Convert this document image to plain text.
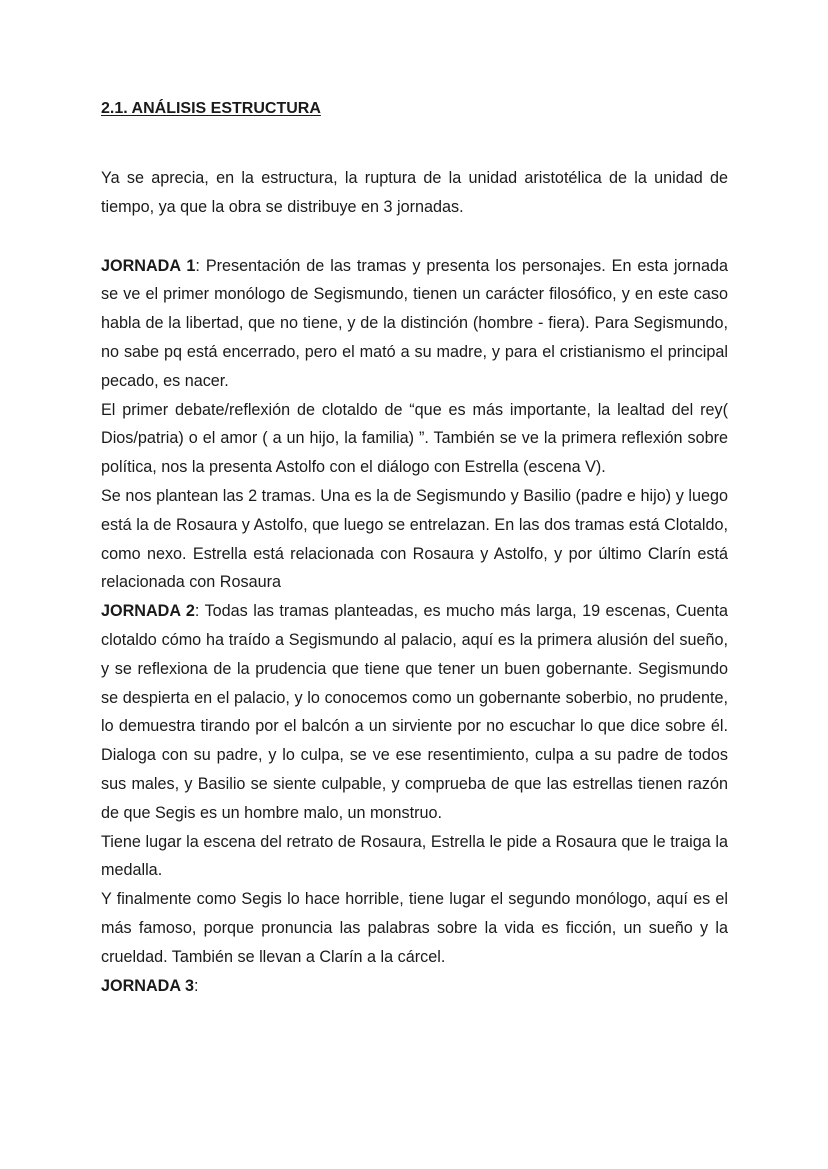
2.1. ANÁLISIS ESTRUCTURA

Ya se aprecia, en la estructura, la ruptura de la unidad aristotélica de la unidad de tiempo, ya que la obra se distribuye en 3 jornadas.

JORNADA 1: Presentación de las tramas y presenta los personajes. En esta jornada se ve el primer monólogo de Segismundo, tienen un carácter filosófico, y en este caso habla de la libertad, que no tiene, y de la distinción (hombre - fiera). Para Segismundo, no sabe pq está encerrado, pero el mató a su madre, y para el cristianismo el principal pecado, es nacer.

El primer debate/reflexión de clotaldo de “que es más importante, la lealtad del rey( Dios/patria) o el amor ( a un hijo, la familia) ”. También se ve la primera reflexión sobre política, nos la presenta Astolfo con el diálogo con Estrella (escena V).

Se nos plantean las 2 tramas. Una es la de Segismundo y Basilio (padre e hijo) y luego está la de Rosaura y Astolfo, que luego se entrelazan. En las dos tramas está Clotaldo, como nexo. Estrella está relacionada con Rosaura y Astolfo, y por último Clarín está relacionada con Rosaura

JORNADA 2: Todas las tramas planteadas, es mucho más larga, 19 escenas, Cuenta clotaldo cómo ha traído a Segismundo al palacio, aquí es la primera alusión del sueño, y se reflexiona de la prudencia que tiene que tener un buen gobernante. Segismundo se despierta en el palacio, y lo conocemos como un gobernante soberbio, no prudente, lo demuestra tirando por el balcón a un sirviente por no escuchar lo que dice sobre él. Dialoga con su padre, y lo culpa, se ve ese resentimiento, culpa a su padre de todos sus males, y Basilio se siente culpable, y comprueba de que las estrellas tienen razón de que Segis es un hombre malo, un monstruo.

Tiene lugar la escena del retrato de Rosaura, Estrella le pide a Rosaura que le traiga la medalla.

Y finalmente como Segis lo hace horrible, tiene lugar el segundo monólogo, aquí es el más famoso, porque pronuncia las palabras sobre la vida es ficción, un sueño y la crueldad. También se llevan a Clarín a la cárcel.

JORNADA 3:
